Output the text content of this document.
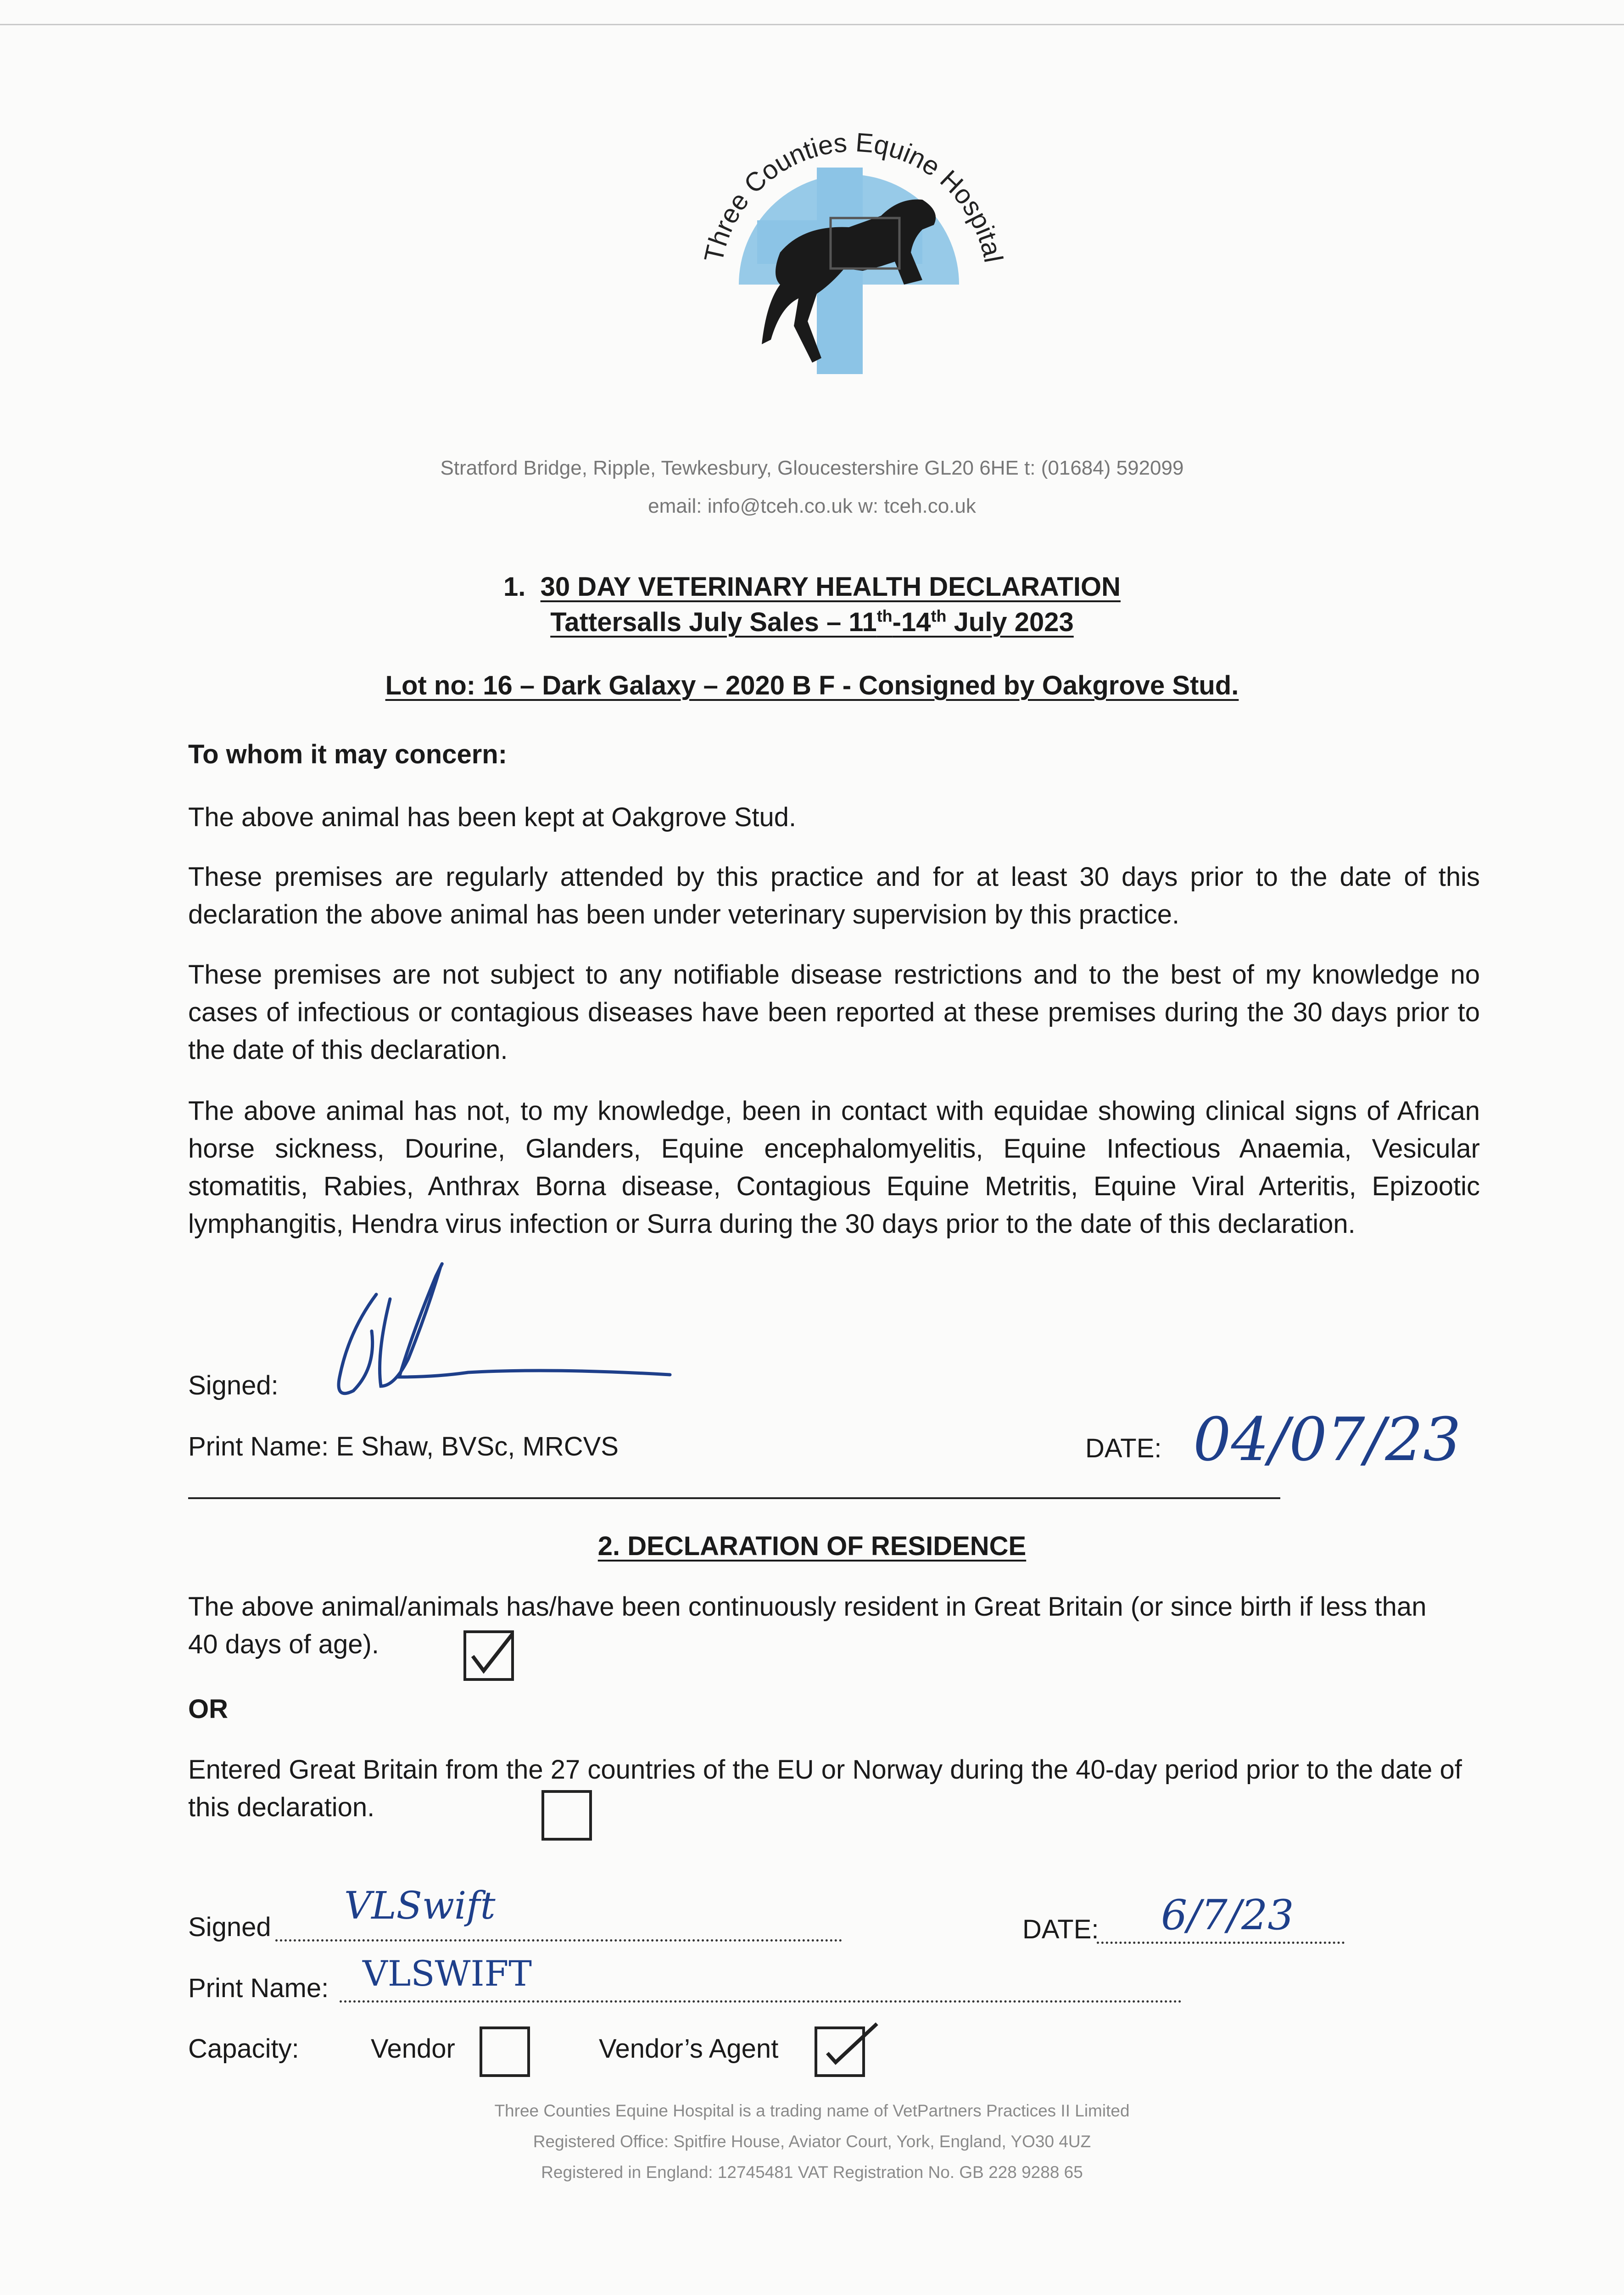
Three Counties Equine Hospital
Stratford Bridge, Ripple, Tewkesbury, Gloucestershire GL20 6HE t: (01684) 592099
email: info@tceh.co.uk w: tceh.co.uk
1. 30 DAY VETERINARY HEALTH DECLARATION
Tattersalls July Sales – 11th-14th July 2023
Lot no: 16 – Dark Galaxy – 2020 B F - Consigned by Oakgrove Stud.
To whom it may concern:
The above animal has been kept at Oakgrove Stud.
These premises are regularly attended by this practice and for at least 30 days prior to the date of this declaration the above animal has been under veterinary supervision by this practice.
These premises are not subject to any notifiable disease restrictions and to the best of my knowledge no cases of infectious or contagious diseases have been reported at these premises during the 30 days prior to the date of this declaration.
The above animal has not, to my knowledge, been in contact with equidae showing clinical signs of African horse sickness, Dourine, Glanders, Equine encephalomyelitis, Equine Infectious Anaemia, Vesicular stomatitis, Rabies, Anthrax Borna disease, Contagious Equine Metritis, Equine Viral Arteritis, Epizootic lymphangitis, Hendra virus infection or Surra during the 30 days prior to the date of this declaration.
Signed:
Print Name: E Shaw, BVSc, MRCVS	DATE: 04/07/23
2. DECLARATION OF RESIDENCE
The above animal/animals has/have been continuously resident in Great Britain (or since birth if less than 40 days of age).
OR
Entered Great Britain from the 27 countries of the EU or Norway during the 40-day period prior to the date of this declaration.
Signed VLSwift
DATE: 6/7/23
Print Name: VLSWIFT
Capacity:	Vendor	Vendor’s Agent
Three Counties Equine Hospital is a trading name of VetPartners Practices II Limited
Registered Office: Spitfire House, Aviator Court, York, England, YO30 4UZ
Registered in England: 12745481 VAT Registration No. GB 228 9288 65
